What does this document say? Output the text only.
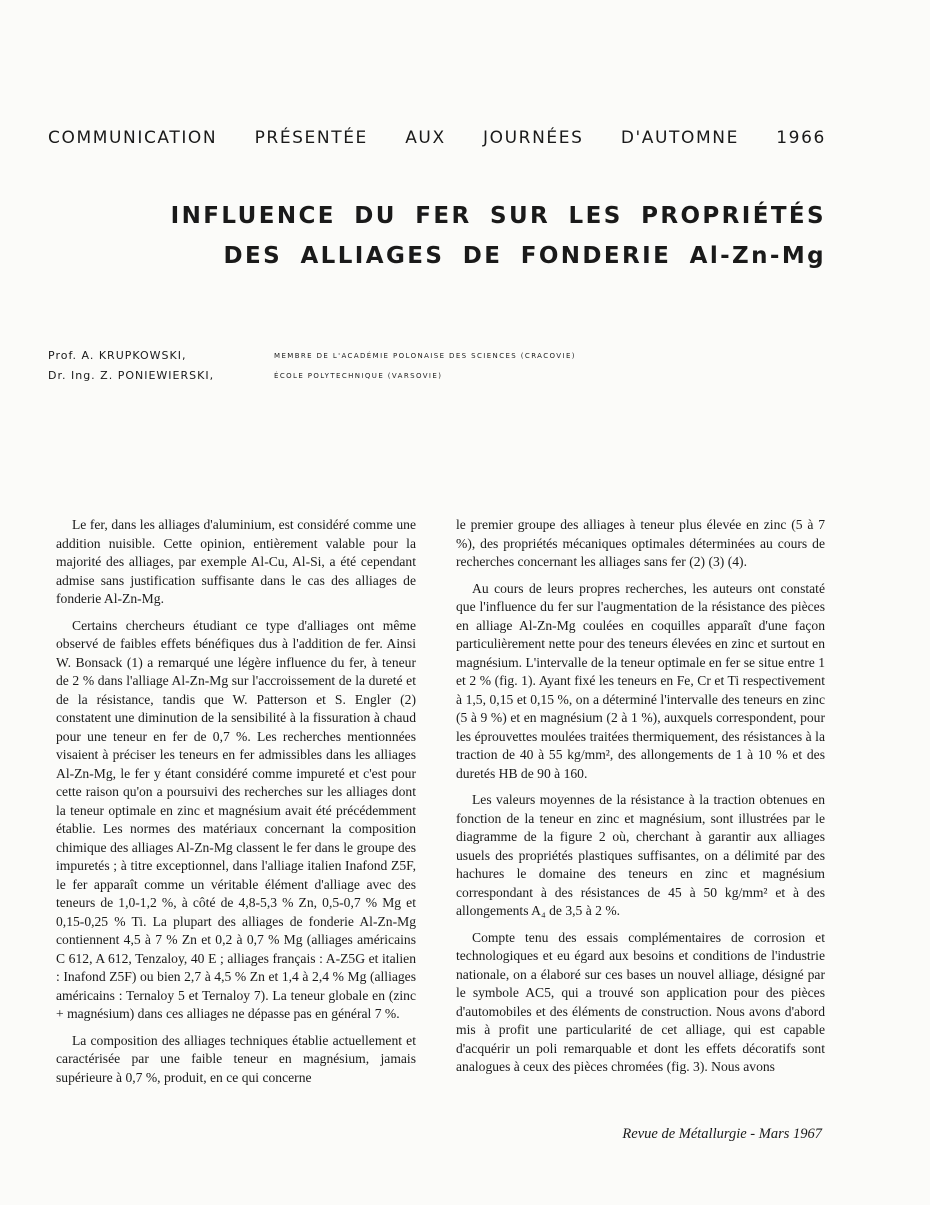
COMMUNICATION PRÉSENTÉE AUX JOURNÉES D'AUTOMNE 1966
INFLUENCE DU FER SUR LES PROPRIÉTÉS
DES ALLIAGES DE FONDERIE Al-Zn-Mg
Prof. A. KRUPKOWSKI,	MEMBRE DE L'ACADÉMIE POLONAISE DES SCIENCES (CRACOVIE)
Dr. Ing. Z. PONIEWIERSKI,	ÉCOLE POLYTECHNIQUE (VARSOVIE)

Le fer, dans les alliages d'aluminium, est considéré comme une addition nuisible. Cette opinion, entièrement valable pour la majorité des alliages, par exemple Al-Cu, Al-Si, a été cependant admise sans justification suffisante dans le cas des alliages de fonderie Al-Zn-Mg.

Certains chercheurs étudiant ce type d'alliages ont même observé de faibles effets bénéfiques dus à l'addition de fer. Ainsi W. Bonsack (1) a remarqué une légère influence du fer, à teneur de 2 % dans l'alliage Al-Zn-Mg sur l'accroissement de la dureté et de la résistance, tandis que W. Patterson et S. Engler (2) constatent une diminution de la sensibilité à la fissuration à chaud pour une teneur en fer de 0,7 %. Les recherches mentionnées visaient à préciser les teneurs en fer admissibles dans les alliages Al-Zn-Mg, le fer y étant considéré comme impureté et c'est pour cette raison qu'on a poursuivi des recherches sur les alliages dont la teneur optimale en zinc et magnésium avait été précédemment établie. Les normes des matériaux concernant la composition chimique des alliages Al-Zn-Mg classent le fer dans le groupe des impuretés ; à titre exceptionnel, dans l'alliage italien Inafond Z5F, le fer apparaît comme un véritable élément d'alliage avec des teneurs de 1,0-1,2 %, à côté de 4,8-5,3 % Zn, 0,5-0,7 % Mg et 0,15-0,25 % Ti. La plupart des alliages de fonderie Al-Zn-Mg contiennent 4,5 à 7 % Zn et 0,2 à 0,7 % Mg (alliages américains C 612, A 612, Tenzaloy, 40 E ; alliages français : A-Z5G et italien : Inafond Z5F) ou bien 2,7 à 4,5 % Zn et 1,4 à 2,4 % Mg (alliages américains : Ternaloy 5 et Ternaloy 7). La teneur globale en (zinc + magnésium) dans ces alliages ne dépasse pas en général 7 %.

La composition des alliages techniques établie actuellement et caractérisée par une faible teneur en magnésium, jamais supérieure à 0,7 %, produit, en ce qui concerne

le premier groupe des alliages à teneur plus élevée en zinc (5 à 7 %), des propriétés mécaniques optimales déterminées au cours de recherches concernant les alliages sans fer (2) (3) (4).

Au cours de leurs propres recherches, les auteurs ont constaté que l'influence du fer sur l'augmentation de la résistance des pièces en alliage Al-Zn-Mg coulées en coquilles apparaît d'une façon particulièrement nette pour des teneurs élevées en zinc et surtout en magnésium. L'intervalle de la teneur optimale en fer se situe entre 1 et 2 % (fig. 1). Ayant fixé les teneurs en Fe, Cr et Ti respectivement à 1,5, 0,15 et 0,15 %, on a déterminé l'intervalle des teneurs en zinc (5 à 9 %) et en magnésium (2 à 1 %), auxquels correspondent, pour les éprouvettes moulées traitées thermiquement, des résistances à la traction de 40 à 55 kg/mm², des allongements de 1 à 10 % et des duretés HB de 90 à 160.

Les valeurs moyennes de la résistance à la traction obtenues en fonction de la teneur en zinc et magnésium, sont illustrées par le diagramme de la figure 2 où, cherchant à garantir aux alliages usuels des propriétés plastiques suffisantes, on a délimité par des hachures le domaine des teneurs en zinc et magnésium correspondant à des résistances de 45 à 50 kg/mm² et à des allongements A₄ de 3,5 à 2 %.

Compte tenu des essais complémentaires de corrosion et technologiques et eu égard aux besoins et conditions de l'industrie nationale, on a élaboré sur ces bases un nouvel alliage, désigné par le symbole AC5, qui a trouvé son application pour des pièces d'automobiles et des éléments de construction. Nous avons d'abord mis à profit une particularité de cet alliage, qui est capable d'acquérir un poli remarquable et dont les effets décoratifs sont analogues à ceux des pièces chromées (fig. 3). Nous avons

Revue de Métallurgie - Mars 1967
